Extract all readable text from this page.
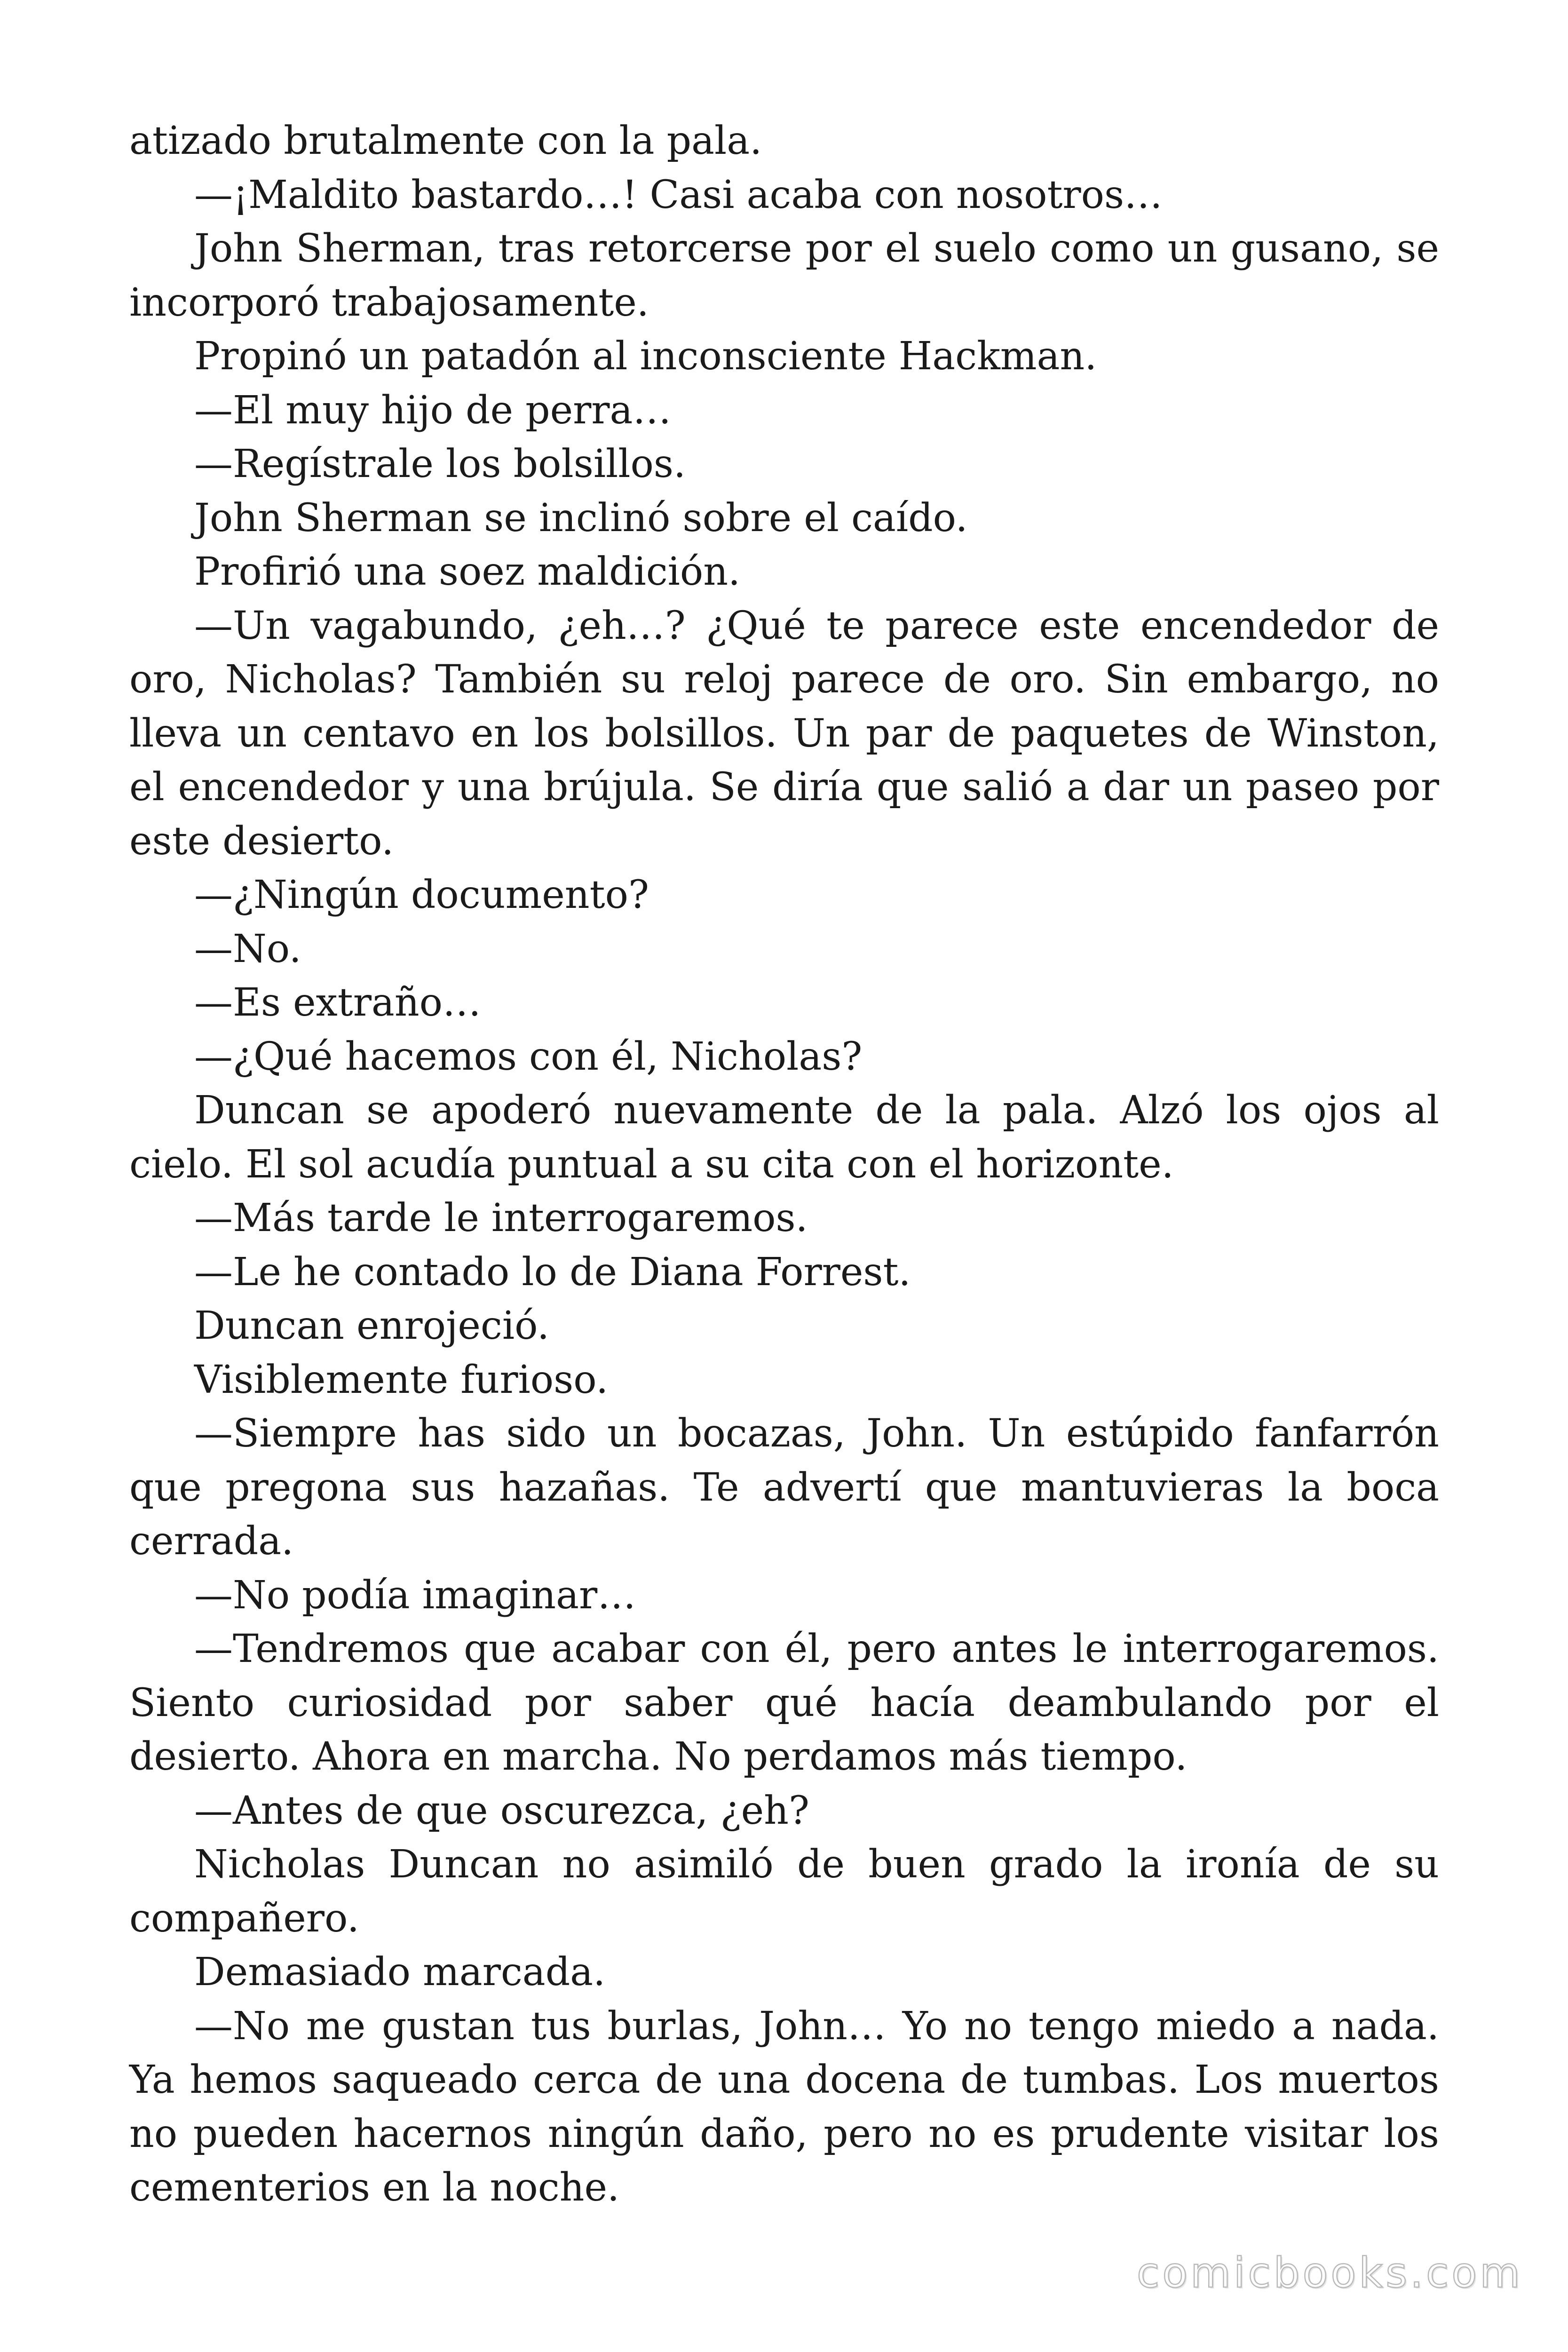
atizado brutalmente con la pala.

—¡Maldito bastardo…! Casi acaba con nosotros…

John Sherman, tras retorcerse por el suelo como un gusano, se incorporó trabajosamente.

Propinó un patadón al inconsciente Hackman.

—El muy hijo de perra…

—Regístrale los bolsillos.

John Sherman se inclinó sobre el caído.

Profirió una soez maldición.

—Un vagabundo, ¿eh…? ¿Qué te parece este encendedor de oro, Nicholas? También su reloj parece de oro. Sin embargo, no lleva un centavo en los bolsillos. Un par de paquetes de Winston, el encendedor y una brújula. Se diría que salió a dar un paseo por este desierto.

—¿Ningún documento?

—No.

—Es extraño…

—¿Qué hacemos con él, Nicholas?

Duncan se apoderó nuevamente de la pala. Alzó los ojos al cielo. El sol acudía puntual a su cita con el horizonte.

—Más tarde le interrogaremos.

—Le he contado lo de Diana Forrest.

Duncan enrojeció.

Visiblemente furioso.

—Siempre has sido un bocazas, John. Un estúpido fanfarrón que pregona sus hazañas. Te advertí que mantuvieras la boca cerrada.

—No podía imaginar…

—Tendremos que acabar con él, pero antes le interrogaremos. Siento curiosidad por saber qué hacía deambulando por el desierto. Ahora en marcha. No perdamos más tiempo.

—Antes de que oscurezca, ¿eh?

Nicholas Duncan no asimiló de buen grado la ironía de su compañero.

Demasiado marcada.

—No me gustan tus burlas, John… Yo no tengo miedo a nada. Ya hemos saqueado cerca de una docena de tumbas. Los muertos no pueden hacernos ningún daño, pero no es prudente visitar los cementerios en la noche.

comicbooks.com
